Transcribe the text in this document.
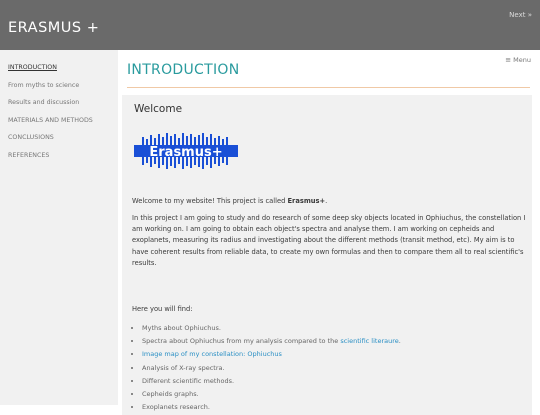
ERASMUS +
Next »
INTRODUCTION
From myths to science
Results and discussion
MATERIALS AND METHODS
CONCLUSIONS
REFERENCES
≡ Menu
INTRODUCTION
Welcome
Erasmus+

Welcome to my website! This project is called Erasmus+.

In this project I am going to study and do research of some deep sky objects located in Ophiuchus, the constellation I am working on. I am going to obtain each object's spectra and analyse them. I am working on cepheids and exoplanets, measuring its radius and investigating about the different methods (transit method, etc). My aim is to have coherent results from reliable data, to create my own formulas and then to compare them all to real scientific's results.

Here you will find:

• Myths about Ophiuchus.
• Spectra about Ophiuchus from my analysis compared to the scientific literaure.
• Image map of my constellation: Ophiuchus
• Analysis of X-ray spectra.
• Different scientific methods.
• Cepheids graphs.
• Exoplanets research.
